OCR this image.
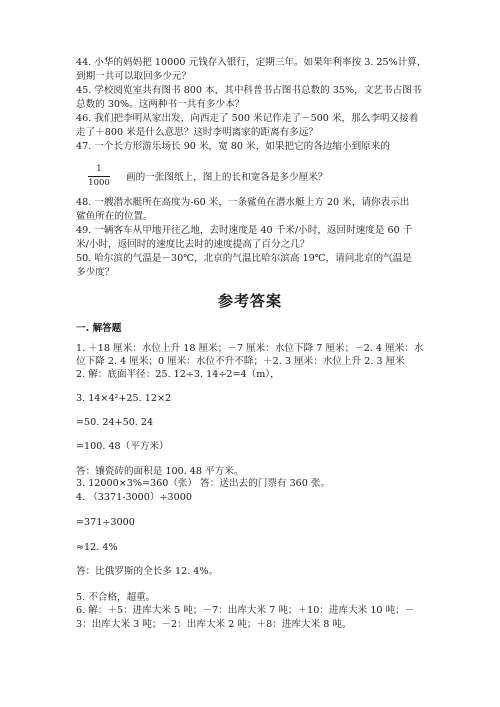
44. 小华的妈妈把 10000 元钱存入银行，定期三年。如果年利率按 3. 25%计算，
到期一共可以取回多少元？
45. 学校阅览室共有图书 800 本，其中科普书占图书总数的 35%，文艺书占图书
总数的 30%。这两种书一共有多少本？
46. 我们把李明从家出发，向西走了 500 米记作走了－500 米，那么李明又接着
走了＋800 米是什么意思？这时李明离家的距离有多远？
47. 一个长方形游乐场长 90 米，宽 80 米，如果把它的各边缩小到原来的
1
1000 画的一张图纸上，图上的长和宽各是多少厘米？
48. 一艘潜水艇所在高度为-60 米，一条鲨鱼在潜水艇上方 20 米，请你表示出
鲨鱼所在的位置。
49. 一辆客车从甲地开往乙地，去时速度是 40 千米/小时，返回时速度是 60 千
米/小时，返回时的速度比去时的速度提高了百分之几？
50. 哈尔滨的气温是－30℃，北京的气温比哈尔滨高 19℃，请问北京的气温是
多少度？
参考答案
一. 解答题
1. ＋18 厘米：水位上升 18 厘米；－7 厘米：水位下降 7 厘米；－2. 4 厘米：水
位下降 2. 4 厘米；0 厘米：水位不升不降；＋2. 3 厘米：水位上升 2. 3 厘米
2. 解：底面半径：25. 12÷3. 14÷2=4（m），
3. 14×4²+25. 12×2
=50. 24+50. 24
=100. 48（平方米）
答：镶瓷砖的面积是 100. 48 平方米。
3. 12000×3%=360（张） 答：送出去的门票有 360 张。
4. （3371-3000）÷3000
=371÷3000
≈12. 4%
答：比俄罗斯的全长多 12. 4%。
5. 不合格，超重。
6. 解：＋5：进库大米 5 吨；－7：出库大米 7 吨；＋10：进库大米 10 吨；－
3：出库大米 3 吨；－2：出库大米 2 吨；＋8：进库大米 8 吨。
